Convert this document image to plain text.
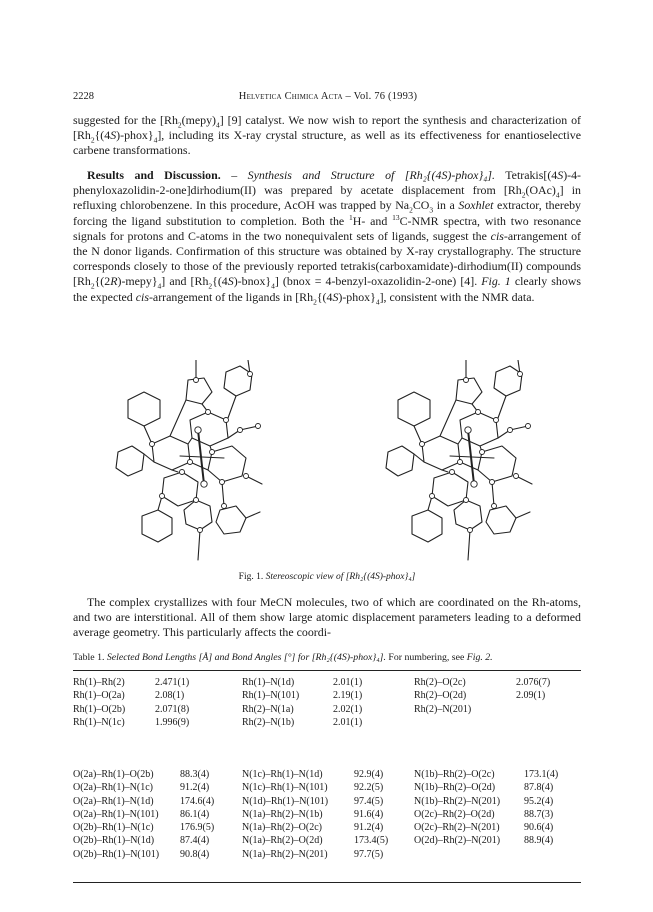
2228	Helvetica Chimica Acta – Vol. 76 (1993)

suggested for the $[Rh_2(mepy)_4]$ [9] catalyst. We now wish to report the synthesis and characterization of $[Rh_2\{(4S)-phox\}_4]$, including its X-ray crystal structure, as well as its effectiveness for enantioselective carbene transformations.

Results and Discussion. – Synthesis and Structure of [Rh₂{(4S)-phox}₄]. Tetrakis[(4S)-4-phenyloxazolidin-2-one]dirhodium(II) was prepared by acetate displacement from $[Rh_2(OAc)_4]$ in refluxing chlorobenzene. In this procedure, AcOH was trapped by $Na_2CO_3$ in a Soxhlet extractor, thereby forcing the ligand substitution to completion. Both the $^1$H- and $^{13}$C-NMR spectra, with two resonance signals for protons and C-atoms in the two nonequivalent sets of ligands, suggest the cis-arrangement of the N donor ligands. Confirmation of this structure was obtained by X-ray crystallography. The structure corresponds closely to those of the previously reported tetrakis(carboxamidate)-dirhodium(II) compounds $[Rh_2\{(2R)-mepy\}_4]$ and $[Rh_2\{(4S)-bnox\}_4]$ (bnox = 4-benzyl-oxazolidin-2-one) [4]. Fig. 1 clearly shows the expected cis-arrangement of the ligands in $[Rh_2\{(4S)-phox\}_4]$, consistent with the NMR data.

Fig. 1. Stereoscopic view of [Rh₂{(4S)-phox}₄]

The complex crystallizes with four MeCN molecules, two of which are coordinated on the Rh-atoms, and two are interstitional. All of them show large atomic displacement parameters leading to a deformed average geometry. This particularly affects the coordi-

Table 1. Selected Bond Lengths [Å] and Bond Angles [°] for [Rh₂{(4S)-phox}₄]. For numbering, see Fig. 2.
Rh(1)–Rh(2)	2.471(1)	Rh(1)–N(1d)	2.01(1)	Rh(2)–O(2c)	2.076(7)
Rh(1)–O(2a)	2.08(1)	Rh(1)–N(101)	2.19(1)	Rh(2)–O(2d)	2.09(1)
Rh(1)–O(2b)	2.071(8)	Rh(2)–N(1a)	2.02(1)	Rh(2)–N(201)	
Rh(1)–N(1c)	1.996(9)	Rh(2)–N(1b)	2.01(1)		
O(2a)–Rh(1)–O(2b)	88.3(4)	N(1c)–Rh(1)–N(1d)	92.9(4)	N(1b)–Rh(2)–O(2c)	173.1(4)
O(2a)–Rh(1)–N(1c)	91.2(4)	N(1c)–Rh(1)–N(101)	92.2(5)	N(1b)–Rh(2)–O(2d)	87.8(4)
O(2a)–Rh(1)–N(1d)	174.6(4)	N(1d)–Rh(1)–N(101)	97.4(5)	N(1b)–Rh(2)–N(201)	95.2(4)
O(2a)–Rh(1)–N(101)	86.1(4)	N(1a)–Rh(2)–N(1b)	91.6(4)	O(2c)–Rh(2)–O(2d)	88.7(3)
O(2b)–Rh(1)–N(1c)	176.9(5)	N(1a)–Rh(2)–O(2c)	91.2(4)	O(2c)–Rh(2)–N(201)	90.6(4)
O(2b)–Rh(1)–N(1d)	87.4(4)	N(1a)–Rh(2)–O(2d)	173.4(5)	O(2d)–Rh(2)–N(201)	88.9(4)
O(2b)–Rh(1)–N(101)	90.8(4)	N(1a)–Rh(2)–N(201)	97.7(5)		
